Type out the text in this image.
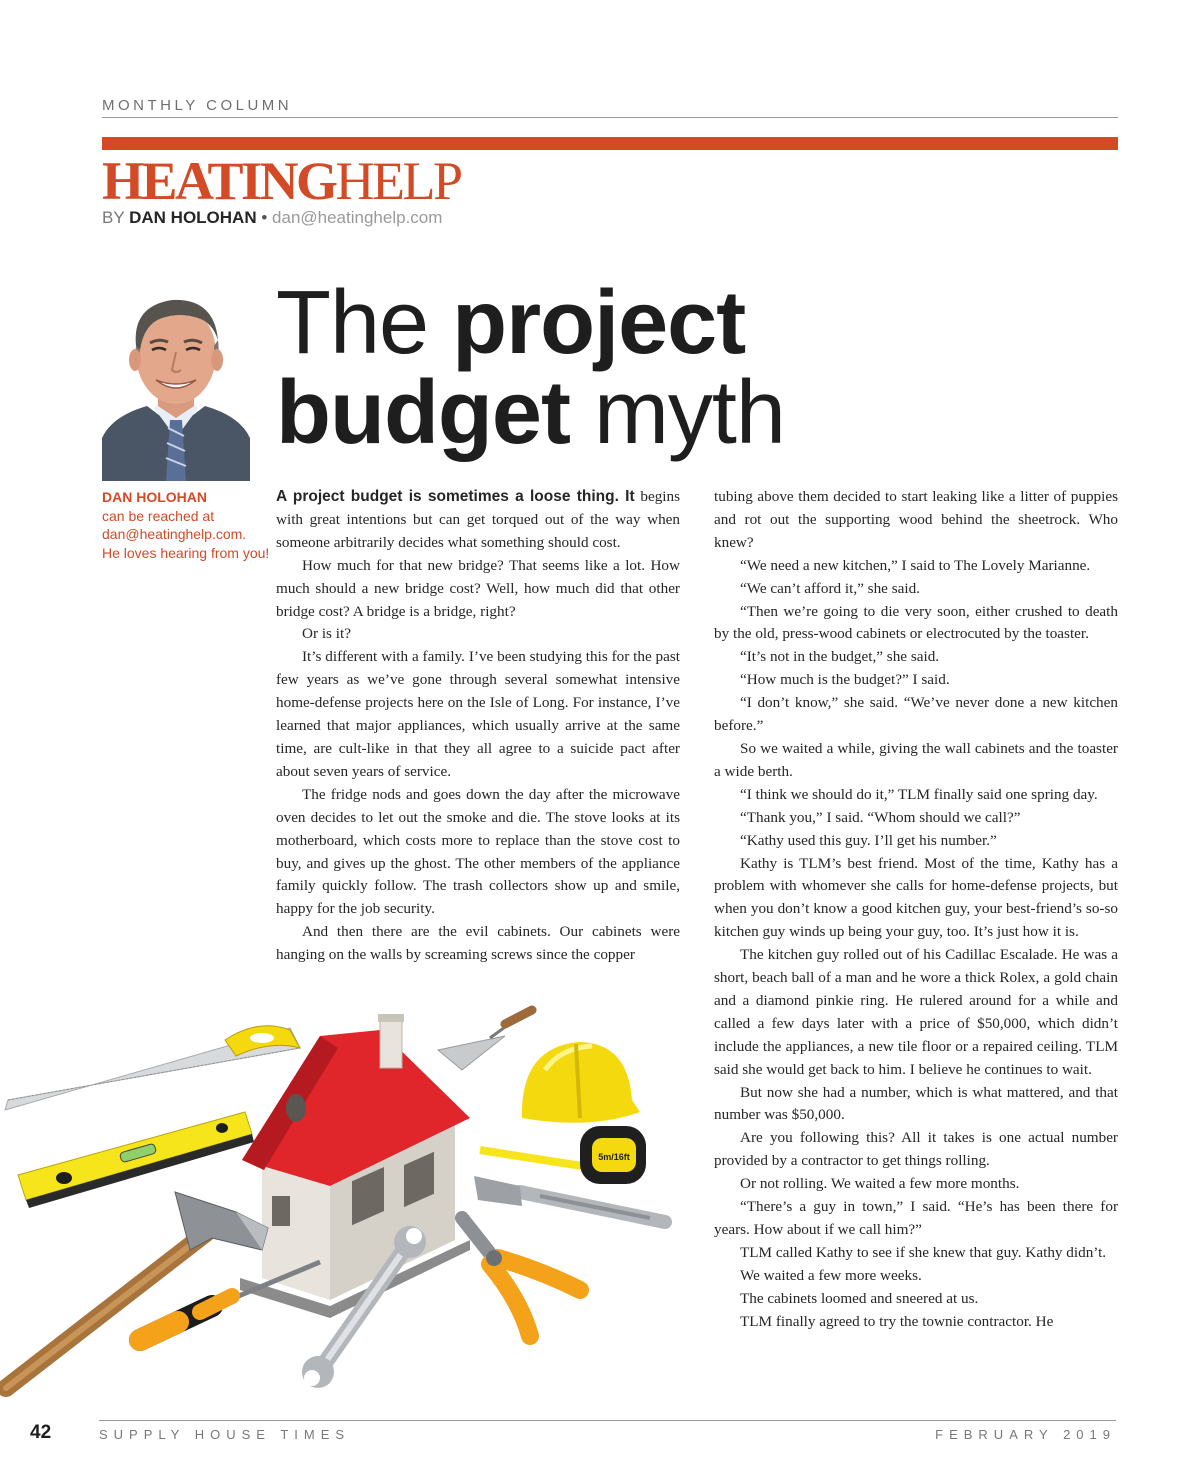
MONTHLY COLUMN
HEATINGHELP
BY DAN HOLOHAN • dan@heatinghelp.com
The project
budget myth
DAN HOLOHAN
can be reached at
dan@heatinghelp.com.
He loves hearing from you!

A project budget is sometimes a loose thing. It begins with great intentions but can get torqued out of the way when someone arbitrarily decides what something should cost.

How much for that new bridge? That seems like a lot. How much should a new bridge cost? Well, how much did that other bridge cost? A bridge is a bridge, right?

Or is it?

It’s different with a family. I’ve been studying this for the past few years as we’ve gone through several somewhat intensive home-defense projects here on the Isle of Long. For instance, I’ve learned that major appliances, which usually arrive at the same time, are cult-like in that they all agree to a suicide pact after about seven years of service.

The fridge nods and goes down the day after the microwave oven decides to let out the smoke and die. The stove looks at its motherboard, which costs more to replace than the stove cost to buy, and gives up the ghost. The other members of the appliance family quickly follow. The trash collectors show up and smile, happy for the job security.

And then there are the evil cabinets. Our cabinets were hanging on the walls by screaming screws since the copper

tubing above them decided to start leaking like a litter of puppies and rot out the supporting wood behind the sheetrock. Who knew?

“We need a new kitchen,” I said to The Lovely Marianne.

“We can’t afford it,” she said.

“Then we’re going to die very soon, either crushed to death by the old, press-wood cabinets or electrocuted by the toaster.

“It’s not in the budget,” she said.

“How much is the budget?” I said.

“I don’t know,” she said. “We’ve never done a new kitchen before.”

So we waited a while, giving the wall cabinets and the toaster a wide berth.

“I think we should do it,” TLM finally said one spring day.

“Thank you,” I said. “Whom should we call?”

“Kathy used this guy. I’ll get his number.”

Kathy is TLM’s best friend. Most of the time, Kathy has a problem with whomever she calls for home-defense projects, but when you don’t know a good kitchen guy, your best-friend’s so-so kitchen guy winds up being your guy, too. It’s just how it is.

The kitchen guy rolled out of his Cadillac Escalade. He was a short, beach ball of a man and he wore a thick Rolex, a gold chain and a diamond pinkie ring. He rulered around for a while and called a few days later with a price of $50,000, which didn’t include the appliances, a new tile floor or a repaired ceiling. TLM said she would get back to him. I believe he continues to wait.

But now she had a number, which is what mattered, and that number was $50,000.

Are you following this? All it takes is one actual number provided by a contractor to get things rolling.

Or not rolling. We waited a few more months.

“There’s a guy in town,” I said. “He’s has been there for years. How about if we call him?”

TLM called Kathy to see if she knew that guy. Kathy didn’t.

We waited a few more weeks.

The cabinets loomed and sneered at us.

TLM finally agreed to try the townie contractor. He

5m/16ft
42	SUPPLY HOUSE TIMES	FEBRUARY 2019
